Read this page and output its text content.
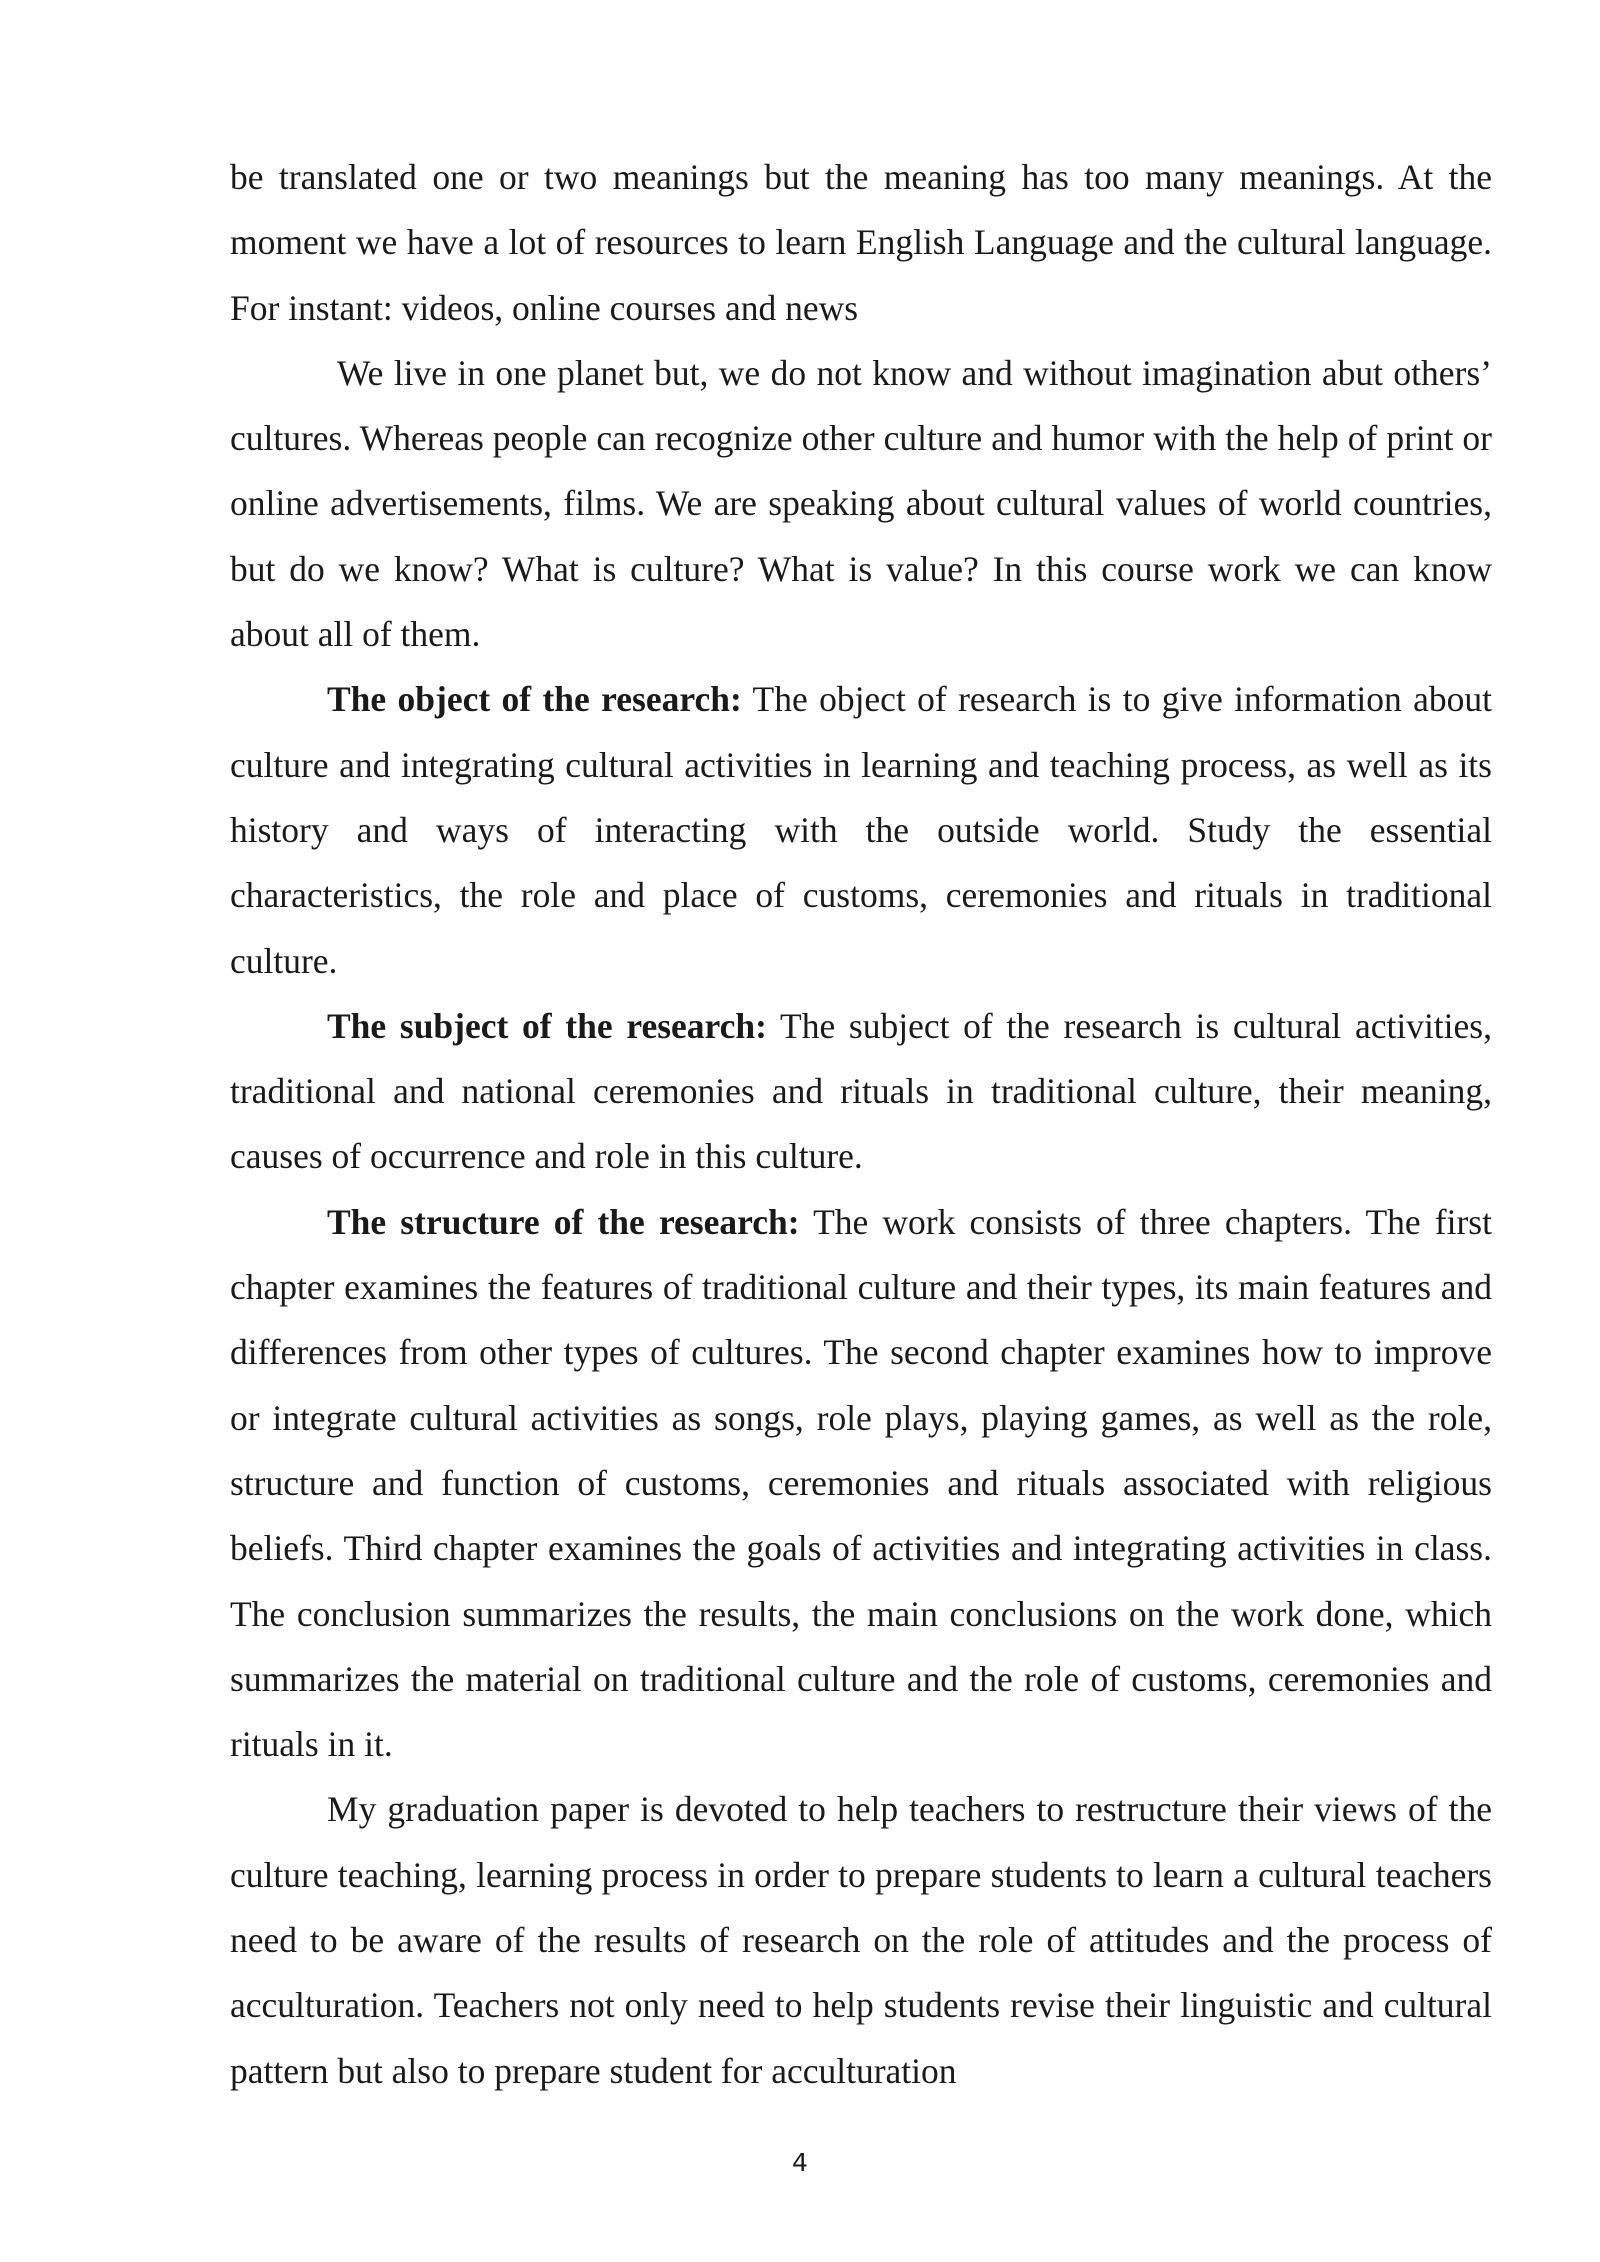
be translated one or two meanings but the meaning has too many meanings. At the moment we have a lot of resources to learn English Language and the cultural language. For instant: videos, online courses and news

We live in one planet but, we do not know and without imagination abut others’ cultures. Whereas people can recognize other culture and humor with the help of print or online advertisements, films. We are speaking about cultural values of world countries, but do we know? What is culture? What is value? In this course work we can know about all of them.

The object of the research: The object of research is to give information about culture and integrating cultural activities in learning and teaching process, as well as its history and ways of interacting with the outside world. Study the essential characteristics, the role and place of customs, ceremonies and rituals in traditional culture.

The subject of the research: The subject of the research is cultural activities, traditional and national ceremonies and rituals in traditional culture, their meaning, causes of occurrence and role in this culture.

The structure of the research: The work consists of three chapters. The first chapter examines the features of traditional culture and their types, its main features and differences from other types of cultures. The second chapter examines how to improve or integrate cultural activities as songs, role plays, playing games, as well as the role, structure and function of customs, ceremonies and rituals associated with religious beliefs. Third chapter examines the goals of activities and integrating activities in class. The conclusion summarizes the results, the main conclusions on the work done, which summarizes the material on traditional culture and the role of customs, ceremonies and rituals in it.

My graduation paper is devoted to help teachers to restructure their views of the culture teaching, learning process in order to prepare students to learn a cultural teachers need to be aware of the results of research on the role of attitudes and the process of acculturation. Teachers not only need to help students revise their linguistic and cultural pattern but also to prepare student for acculturation

4
